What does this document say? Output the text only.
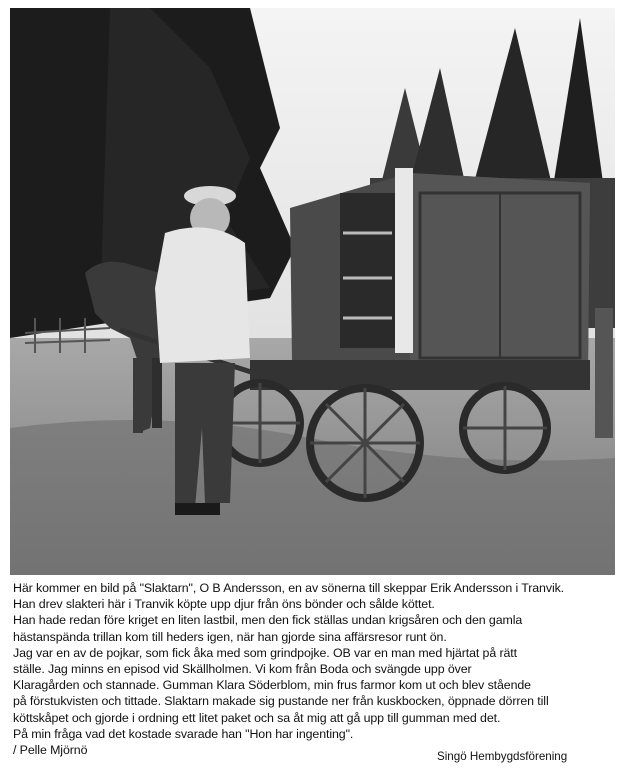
Här kommer en bild på "Slaktarn", O B Andersson, en av sönerna till skeppar Erik Andersson i Tranvik.
Han drev slakteri här i Tranvik köpte upp djur från öns bönder och sålde köttet.
Han hade redan före kriget en liten lastbil, men den fick ställas undan krigsåren och den gamla
hästanspända trillan kom till heders igen, när han gjorde sina affärsresor runt ön.
Jag var en av de pojkar, som fick åka med som grindpojke. OB var en man med hjärtat på rätt
ställe. Jag minns en episod vid Skällholmen. Vi kom från Boda och svängde upp över
Klaragården och stannade. Gumman Klara Söderblom, min frus farmor kom ut och blev stående
på förstukvisten och tittade. Slaktarn makade sig pustande ner från kuskbocken, öppnade dörren till
köttskåpet och gjorde i ordning ett litet paket och sa åt mig att gå upp till gumman med det.
På min fråga vad det kostade svarade han "Hon har ingenting".
/ Pelle Mjörnö	Singö Hembygdsförening
